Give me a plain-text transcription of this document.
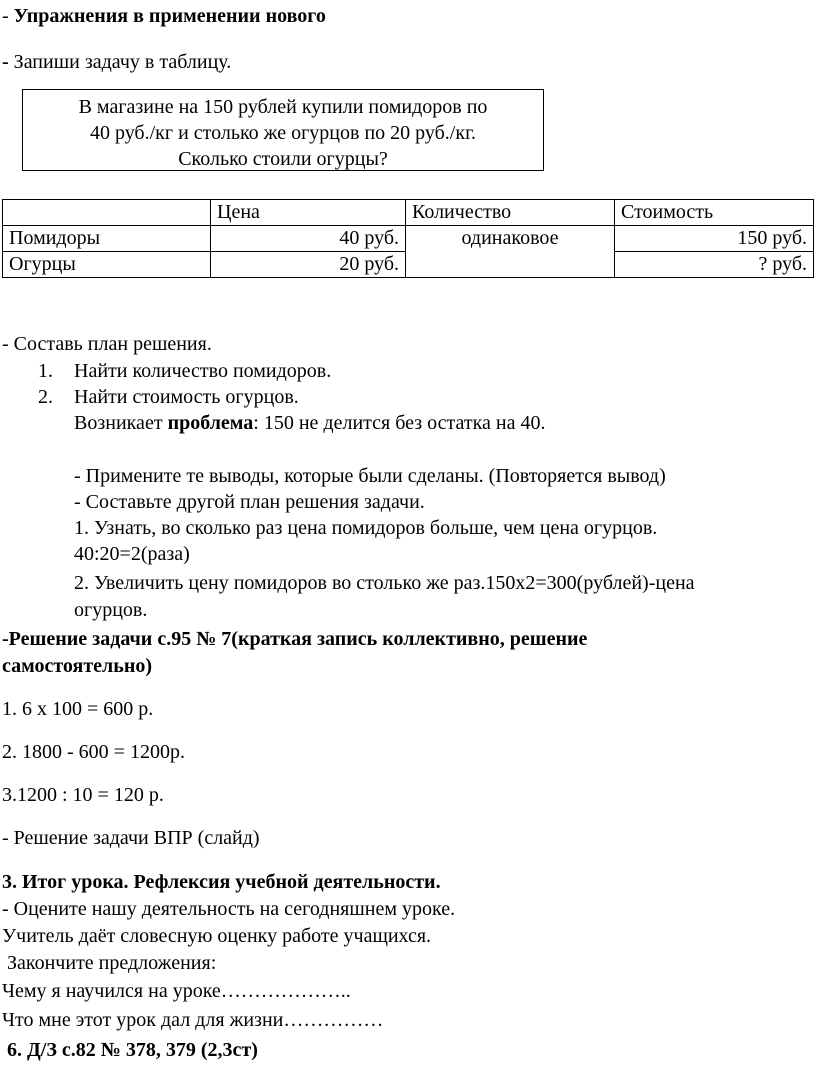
- Упражнения в применении нового
- Запиши задачу в таблицу.
В магазине на 150 рублей купили помидоров по
40 руб./кг и столько же огурцов по 20 руб./кг.
Сколько стоили огурцы?
	Цена	Количество	Стоимость
Помидоры	40 руб.	одинаковое	150 руб.
Огурцы	20 руб.		? руб.
- Составь план решения.
1. Найти количество помидоров.
2. Найти стоимость огурцов.
Возникает проблема: 150 не делится без остатка на 40.
- Примените те выводы, которые были сделаны. (Повторяется вывод)
- Составьте другой план решения задачи.
1. Узнать, во сколько раз цена помидоров больше, чем цена огурцов.
40:20=2(раза)
2. Увеличить цену помидоров во столько же раз.150х2=300(рублей)-цена
огурцов.
-Решение задачи с.95 № 7(краткая запись коллективно, решение
самостоятельно)
1. 6 х 100 = 600 р.
2. 1800 - 600 = 1200р.
3.1200 : 10 = 120 р.
- Решение задачи ВПР (слайд)
3. Итог урока. Рефлексия учебной деятельности.
- Оцените нашу деятельность на сегодняшнем уроке.
Учитель даёт словесную оценку работе учащихся.
Закончите предложения:
Чему я научился на уроке………………..
Что мне этот урок дал для жизни……………
6. Д/З с.82 № 378, 379 (2,3ст)
